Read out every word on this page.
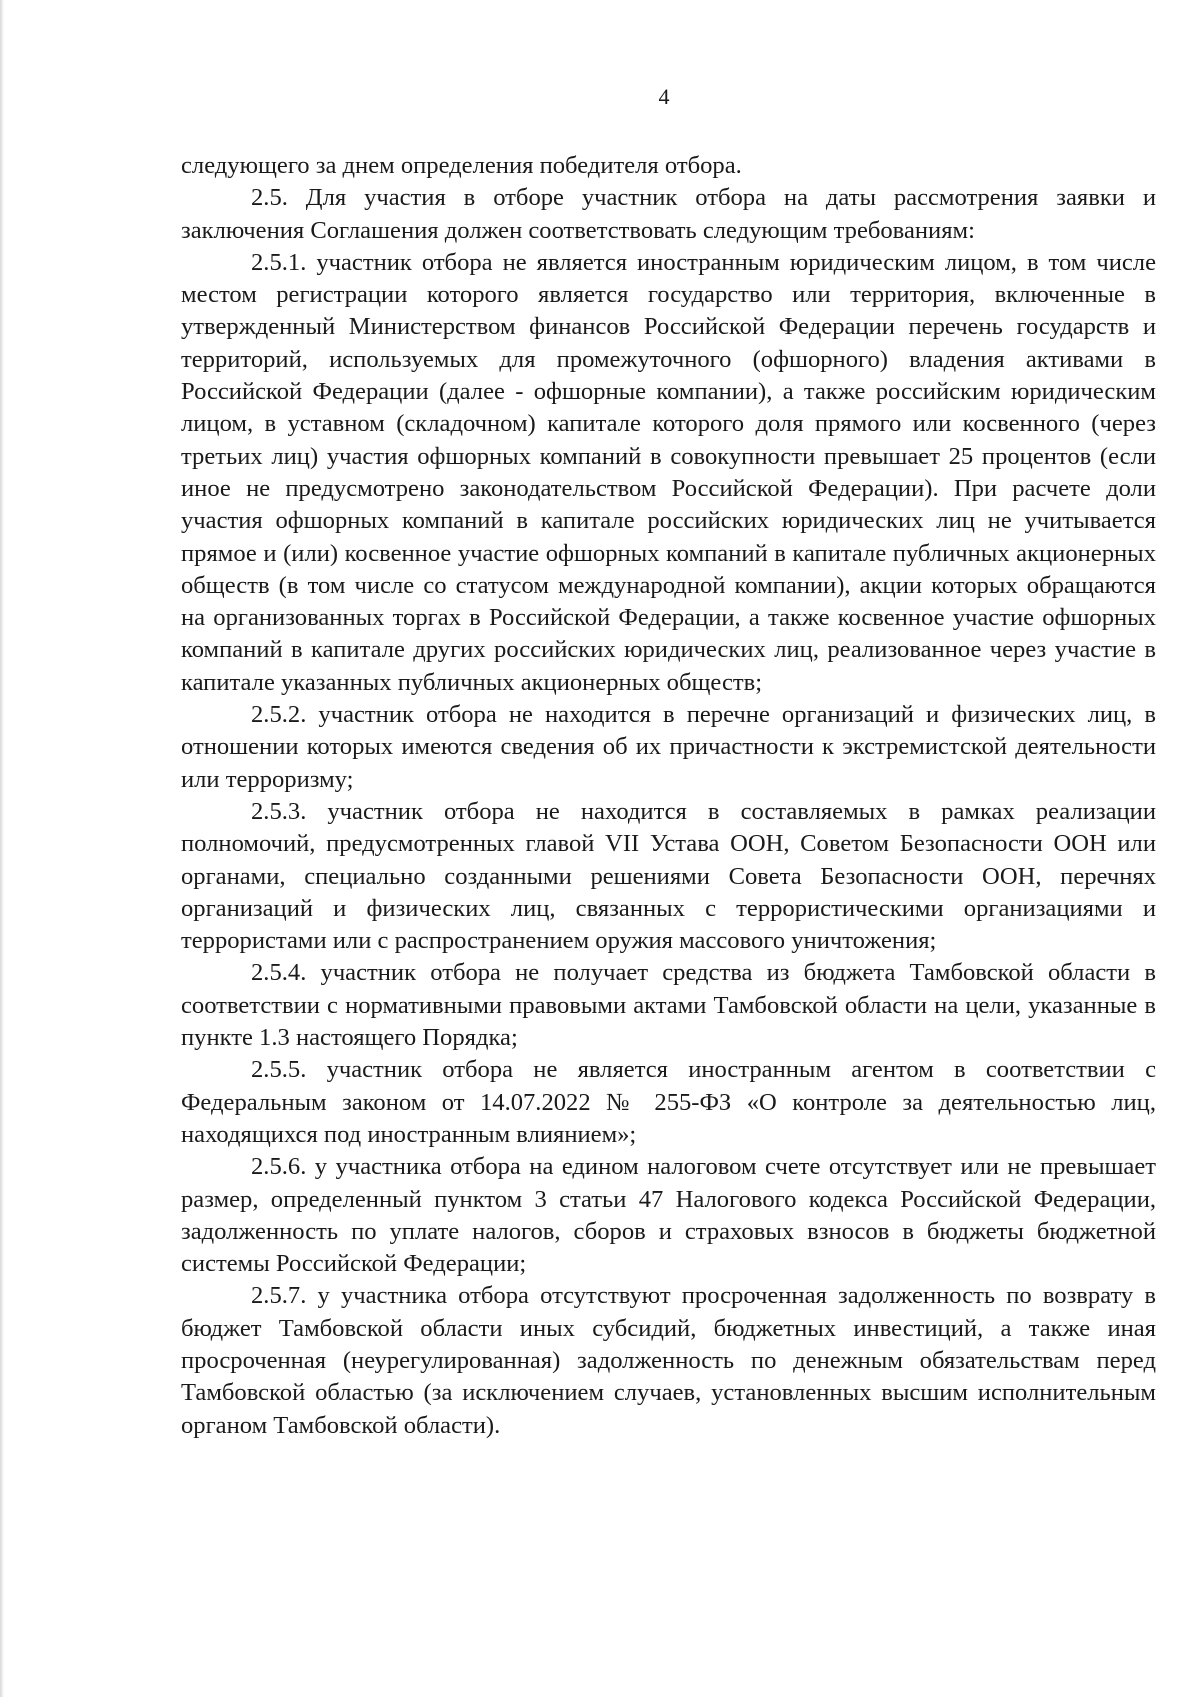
4

следующего за днем определения победителя отбора.

2.5. Для участия в отборе участник отбора на даты рассмотрения заявки и заключения Соглашения должен соответствовать следующим требованиям:

2.5.1. участник отбора не является иностранным юридическим лицом, в том числе местом регистрации которого является государство или территория, включенные в утвержденный Министерством финансов Российской Федерации перечень государств и территорий, используемых для промежуточного (офшорного) владения активами в Российской Федерации (далее - офшорные компании), а также российским юридическим лицом, в уставном (складочном) капитале которого доля прямого или косвенного (через третьих лиц) участия офшорных компаний в совокупности превышает 25 процентов (если иное не предусмотрено законодательством Российской Федерации). При расчете доли участия офшорных компаний в капитале российских юридических лиц не учитывается прямое и (или) косвенное участие офшорных компаний в капитале публичных акционерных обществ (в том числе со статусом международной компании), акции которых обращаются на организованных торгах в Российской Федерации, а также косвенное участие офшорных компаний в капитале других российских юридических лиц, реализованное через участие в капитале указанных публичных акционерных обществ;

2.5.2. участник отбора не находится в перечне организаций и физических лиц, в отношении которых имеются сведения об их причастности к экстремистской деятельности или терроризму;

2.5.3. участник отбора не находится в составляемых в рамках реализации полномочий, предусмотренных главой VII Устава ООН, Советом Безопасности ООН или органами, специально созданными решениями Совета Безопасности ООН, перечнях организаций и физических лиц, связанных с террористическими организациями и террористами или с распространением оружия массового уничтожения;

2.5.4. участник отбора не получает средства из бюджета Тамбовской области в соответствии с нормативными правовыми актами Тамбовской области на цели, указанные в пункте 1.3 настоящего Порядка;

2.5.5. участник отбора не является иностранным агентом в соответствии с Федеральным законом от 14.07.2022 № 255-ФЗ «О контроле за деятельностью лиц, находящихся под иностранным влиянием»;

2.5.6. у участника отбора на едином налоговом счете отсутствует или не превышает размер, определенный пунктом 3 статьи 47 Налогового кодекса Российской Федерации, задолженность по уплате налогов, сборов и страховых взносов в бюджеты бюджетной системы Российской Федерации;

2.5.7. у участника отбора отсутствуют просроченная задолженность по возврату в бюджет Тамбовской области иных субсидий, бюджетных инвестиций, а также иная просроченная (неурегулированная) задолженность по денежным обязательствам перед Тамбовской областью (за исключением случаев, установленных высшим исполнительным органом Тамбовской области).
